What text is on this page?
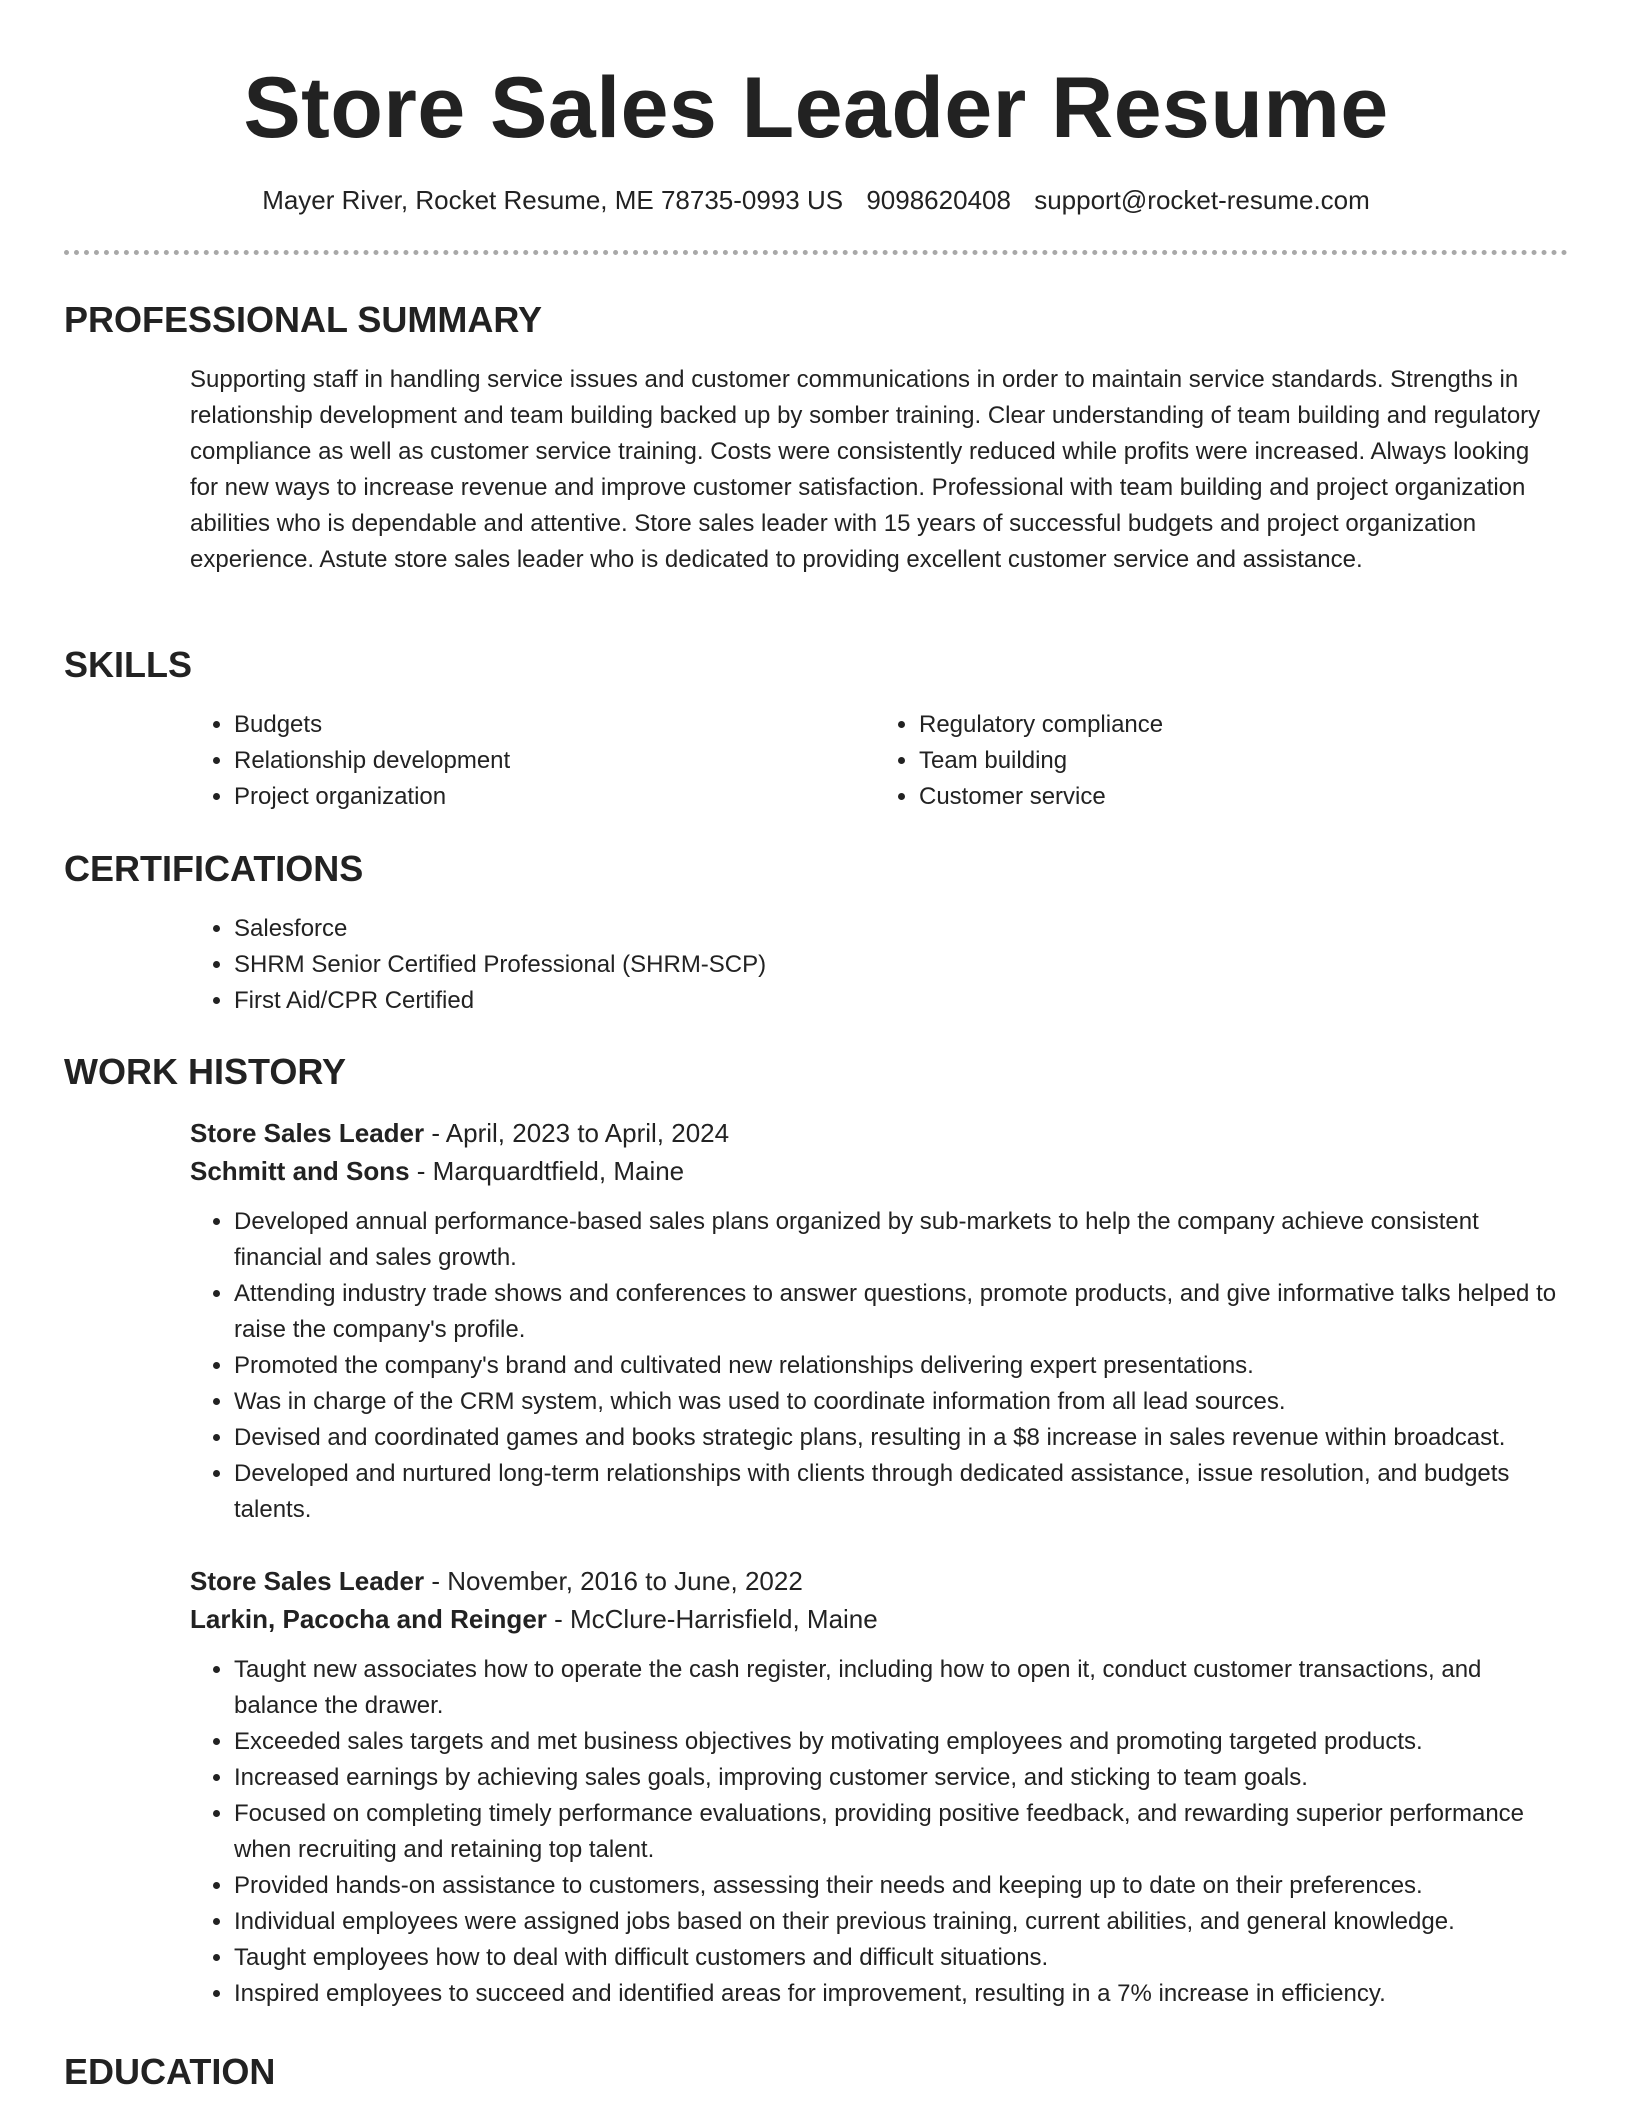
Store Sales Leader Resume
Mayer River, Rocket Resume, ME 78735-0993 US 9098620408 support@rocket-resume.com
PROFESSIONAL SUMMARY

Supporting staff in handling service issues and customer communications in order to maintain service standards. Strengths in relationship development and team building backed up by somber training. Clear understanding of team building and regulatory compliance as well as customer service training. Costs were consistently reduced while profits were increased. Always looking for new ways to increase revenue and improve customer satisfaction. Professional with team building and project organization abilities who is dependable and attentive. Store sales leader with 15 years of successful budgets and project organization experience. Astute store sales leader who is dedicated to providing excellent customer service and assistance.

SKILLS
• Budgets
• Relationship development
• Project organization
• Regulatory compliance
• Team building
• Customer service
CERTIFICATIONS
• Salesforce
• SHRM Senior Certified Professional (SHRM-SCP)
• First Aid/CPR Certified
WORK HISTORY
Store Sales Leader - April, 2023 to April, 2024
Schmitt and Sons - Marquardtfield, Maine
• Developed annual performance-based sales plans organized by sub-markets to help the company achieve consistent financial and sales growth.
• Attending industry trade shows and conferences to answer questions, promote products, and give informative talks helped to raise the company's profile.
• Promoted the company's brand and cultivated new relationships delivering expert presentations.
• Was in charge of the CRM system, which was used to coordinate information from all lead sources.
• Devised and coordinated games and books strategic plans, resulting in a $8 increase in sales revenue within broadcast.
• Developed and nurtured long-term relationships with clients through dedicated assistance, issue resolution, and budgets talents.
Store Sales Leader - November, 2016 to June, 2022
Larkin, Pacocha and Reinger - McClure-Harrisfield, Maine
• Taught new associates how to operate the cash register, including how to open it, conduct customer transactions, and balance the drawer.
• Exceeded sales targets and met business objectives by motivating employees and promoting targeted products.
• Increased earnings by achieving sales goals, improving customer service, and sticking to team goals.
• Focused on completing timely performance evaluations, providing positive feedback, and rewarding superior performance when recruiting and retaining top talent.
• Provided hands-on assistance to customers, assessing their needs and keeping up to date on their preferences.
• Individual employees were assigned jobs based on their previous training, current abilities, and general knowledge.
• Taught employees how to deal with difficult customers and difficult situations.
• Inspired employees to succeed and identified areas for improvement, resulting in a 7% increase in efficiency.
EDUCATION
